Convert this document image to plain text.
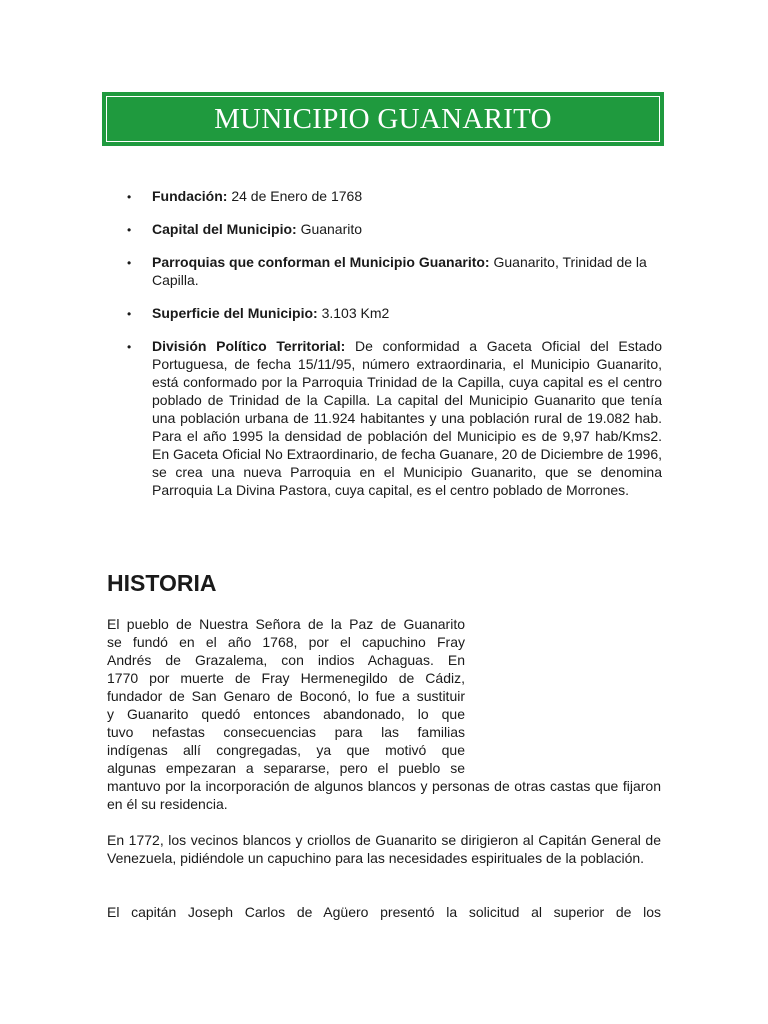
MUNICIPIO GUANARITO
• Fundación: 24 de Enero de 1768
• Capital del Municipio: Guanarito
• Parroquias que conforman el Municipio Guanarito: Guanarito, Trinidad de la Capilla.
• Superficie del Municipio: 3.103 Km2
• División Político Territorial: De conformidad a Gaceta Oficial del Estado Portuguesa, de fecha 15/11/95, número extraordinaria, el Municipio Guanarito, está conformado por la Parroquia Trinidad de la Capilla, cuya capital es el centro poblado de Trinidad de la Capilla. La capital del Municipio Guanarito que tenía una población urbana de 11.924 habitantes y una población rural de 19.082 hab. Para el año 1995 la densidad de población del Municipio es de 9,97 hab/Kms2. En Gaceta Oficial No Extraordinario, de fecha Guanare, 20 de Diciembre de 1996, se crea una nueva Parroquia en el Municipio Guanarito, que se denomina Parroquia La Divina Pastora, cuya capital, es el centro poblado de Morrones.
HISTORIA
El pueblo de Nuestra Señora de la Paz de Guanarito
se fundó en el año 1768, por el capuchino Fray
Andrés de Grazalema, con indios Achaguas. En
1770 por muerte de Fray Hermenegildo de Cádiz,
fundador de San Genaro de Boconó, lo fue a sustituir
y Guanarito quedó entonces abandonado, lo que
tuvo nefastas consecuencias para las familias
indígenas allí congregadas, ya que motivó que
algunas empezaran a separarse, pero el pueblo se
mantuvo por la incorporación de algunos blancos y personas de otras castas que fijaron en él su residencia.

En 1772, los vecinos blancos y criollos de Guanarito se dirigieron al Capitán General de Venezuela, pidiéndole un capuchino para las necesidades espirituales de la población.

El capitán Joseph Carlos de Agüero presentó la solicitud al superior de los
